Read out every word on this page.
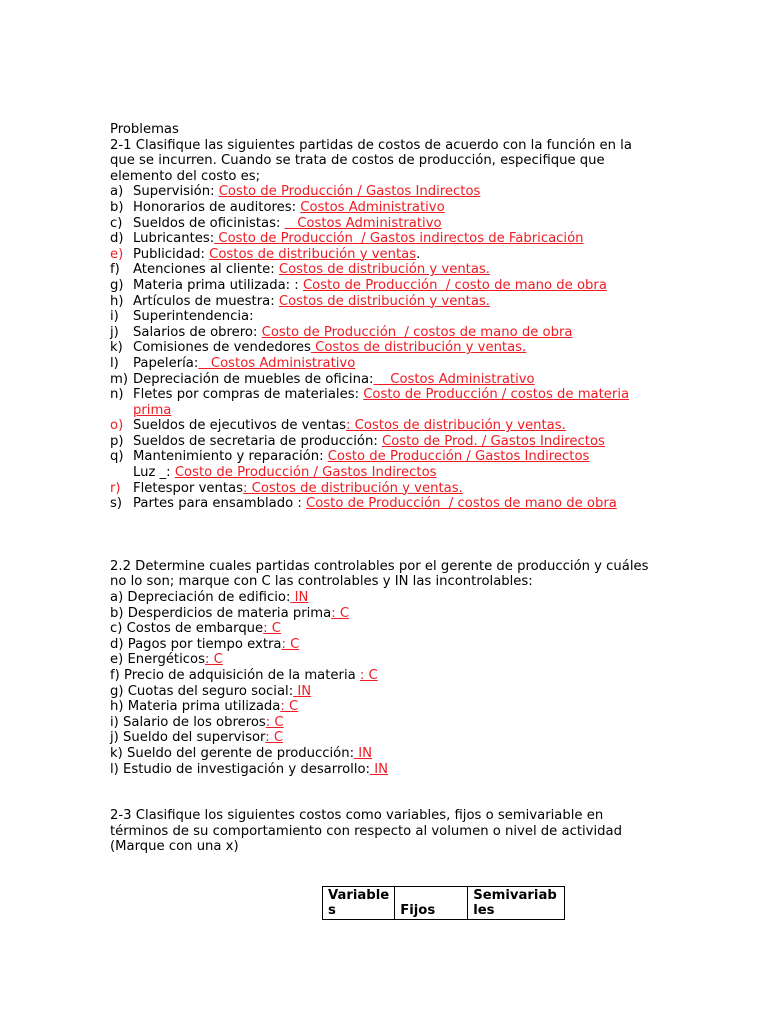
Problemas

2-1 Clasifique las siguientes partidas de costos de acuerdo con la función en la que se incurren. Cuando se trata de costos de producción, especifique que elemento del costo es;

a) Supervisión: Costo de Producción / Gastos Indirectos
b) Honorarios de auditores: Costos Administrativo
c) Sueldos de oficinistas:    Costos Administrativo
d) Lubricantes: Costo de Producción  / Gastos indirectos de Fabricación
e) Publicidad: Costos de distribución y ventas.
f) Atenciones al cliente: Costos de distribución y ventas.
g) Materia prima utilizada: : Costo de Producción  / costo de mano de obra
h) Artículos de muestra: Costos de distribución y ventas.
i) Superintendencia:
j) Salarios de obrero: Costo de Producción  / costos de mano de obra
k) Comisiones de vendedores Costos de distribución y ventas.
l) Papelería:   Costos Administrativo
m) Depreciación de muebles de oficina:    Costos Administrativo
n) Fletes por compras de materiales: Costo de Producción / costos de materia prima
o) Sueldos de ejecutivos de ventas: Costos de distribución y ventas.
p) Sueldos de secretaria de producción: Costo de Prod. / Gastos Indirectos
q) Mantenimiento y reparación: Costo de Producción / Gastos Indirectos
Luz _: Costo de Producción / Gastos Indirectos
r) Fletespor ventas: Costos de distribución y ventas.
s) Partes para ensamblado : Costo de Producción  / costos de mano de obra

2.2 Determine cuales partidas controlables por el gerente de producción y cuáles no lo son; marque con C las controlables y IN las incontrolables:

a) Depreciación de edificio: IN
b) Desperdicios de materia prima: C
c) Costos de embarque: C
d) Pagos por tiempo extra: C
e) Energéticos: C
f) Precio de adquisición de la materia : C
g) Cuotas del seguro social: IN
h) Materia prima utilizada: C
i) Salario de los obreros: C
j) Sueldo del supervisor: C
k) Sueldo del gerente de producción: IN
l) Estudio de investigación y desarrollo: IN

2-3 Clasifique los siguientes costos como variables, fijos o semivariable en términos de su comportamiento con respecto al volumen o nivel de actividad (Marque con una x)

Variable s	Fijos	Semivariab les
